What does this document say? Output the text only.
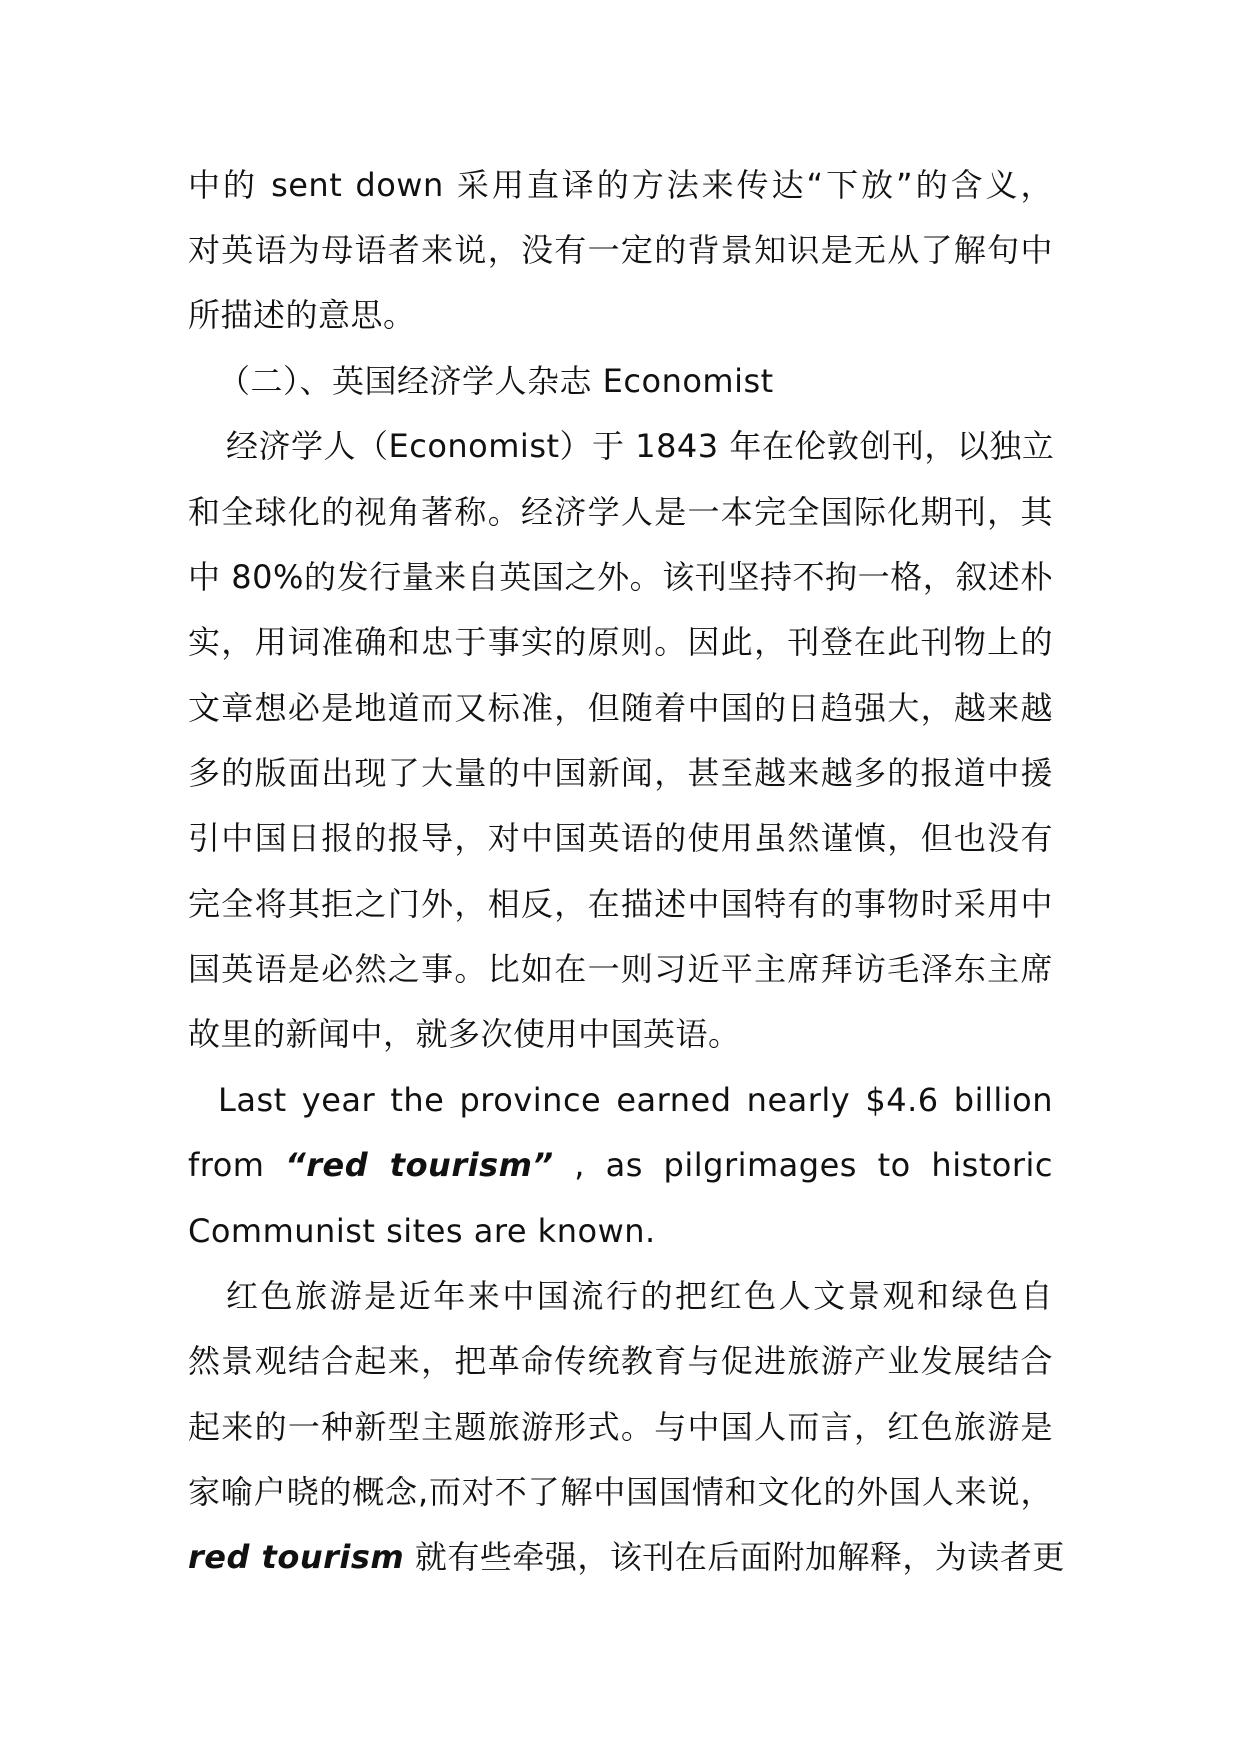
中的 sent down 采用直译的方法来传达“下放”的含义，
对英语为母语者来说，没有一定的背景知识是无从了解句中
所描述的意思。
（二）、英国经济学人杂志 Economist
经济学人（Economist）于 1843 年在伦敦创刊，以独立
和全球化的视角著称。经济学人是一本完全国际化期刊，其
中 80%的发行量来自英国之外。该刊坚持不拘一格，叙述朴
实，用词准确和忠于事实的原则。因此，刊登在此刊物上的
文章想必是地道而又标准，但随着中国的日趋强大，越来越
多的版面出现了大量的中国新闻，甚至越来越多的报道中援
引中国日报的报导，对中国英语的使用虽然谨慎，但也没有
完全将其拒之门外，相反，在描述中国特有的事物时采用中
国英语是必然之事。比如在一则习近平主席拜访毛泽东主席
故里的新闻中，就多次使用中国英语。
Last year the province earned nearly $4.6 billion
from “red tourism” , as pilgrimages to historic
Communist sites are known.
红色旅游是近年来中国流行的把红色人文景观和绿色自
然景观结合起来，把革命传统教育与促进旅游产业发展结合
起来的一种新型主题旅游形式。与中国人而言，红色旅游是
家喻户晓的概念,而对不了解中国国情和文化的外国人来说，
red tourism 就有些牵强，该刊在后面附加解释，为读者更
